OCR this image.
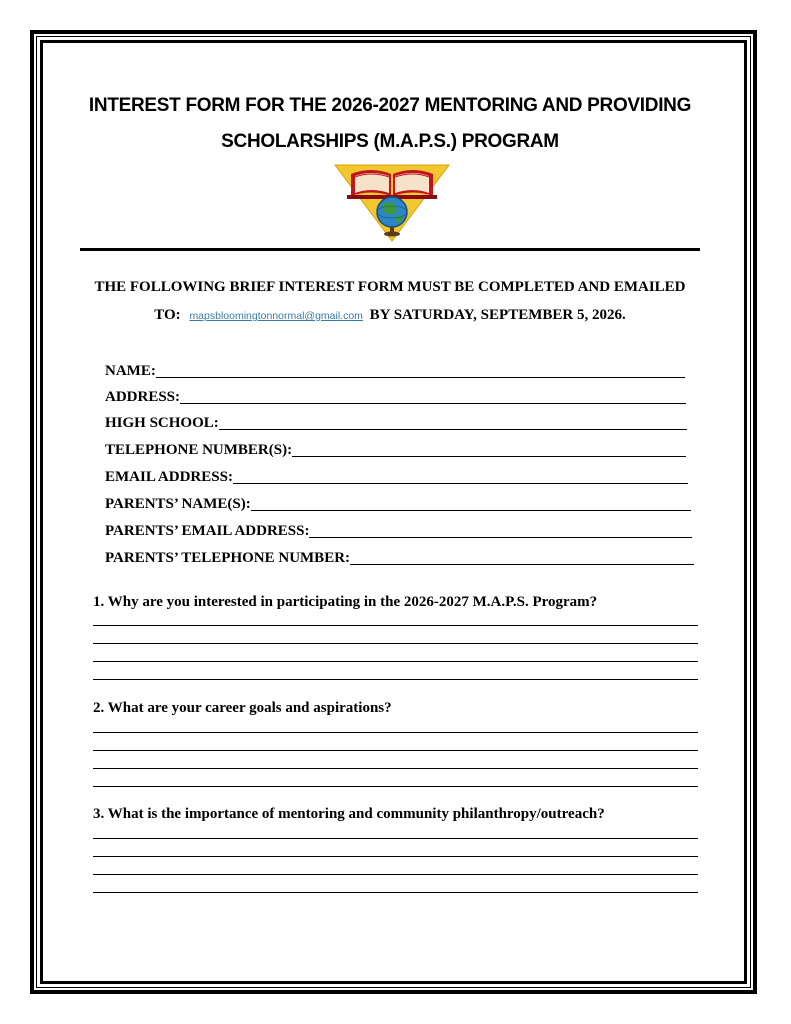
INTEREST FORM FOR THE 2026-2027 MENTORING AND PROVIDING
SCHOLARSHIPS (M.A.P.S.) PROGRAM
THE FOLLOWING BRIEF INTEREST FORM MUST BE COMPLETED AND EMAILED
TO: mapsbloomingtonnormal@gmail.com BY SATURDAY, SEPTEMBER 5, 2026.
NAME:
ADDRESS:
HIGH SCHOOL:
TELEPHONE NUMBER(S):
EMAIL ADDRESS:
PARENTS’ NAME(S):
PARENTS’ EMAIL ADDRESS:
PARENTS’ TELEPHONE NUMBER:
1. Why are you interested in participating in the 2026-2027 M.A.P.S. Program?
2. What are your career goals and aspirations?
3. What is the importance of mentoring and community philanthropy/outreach?
